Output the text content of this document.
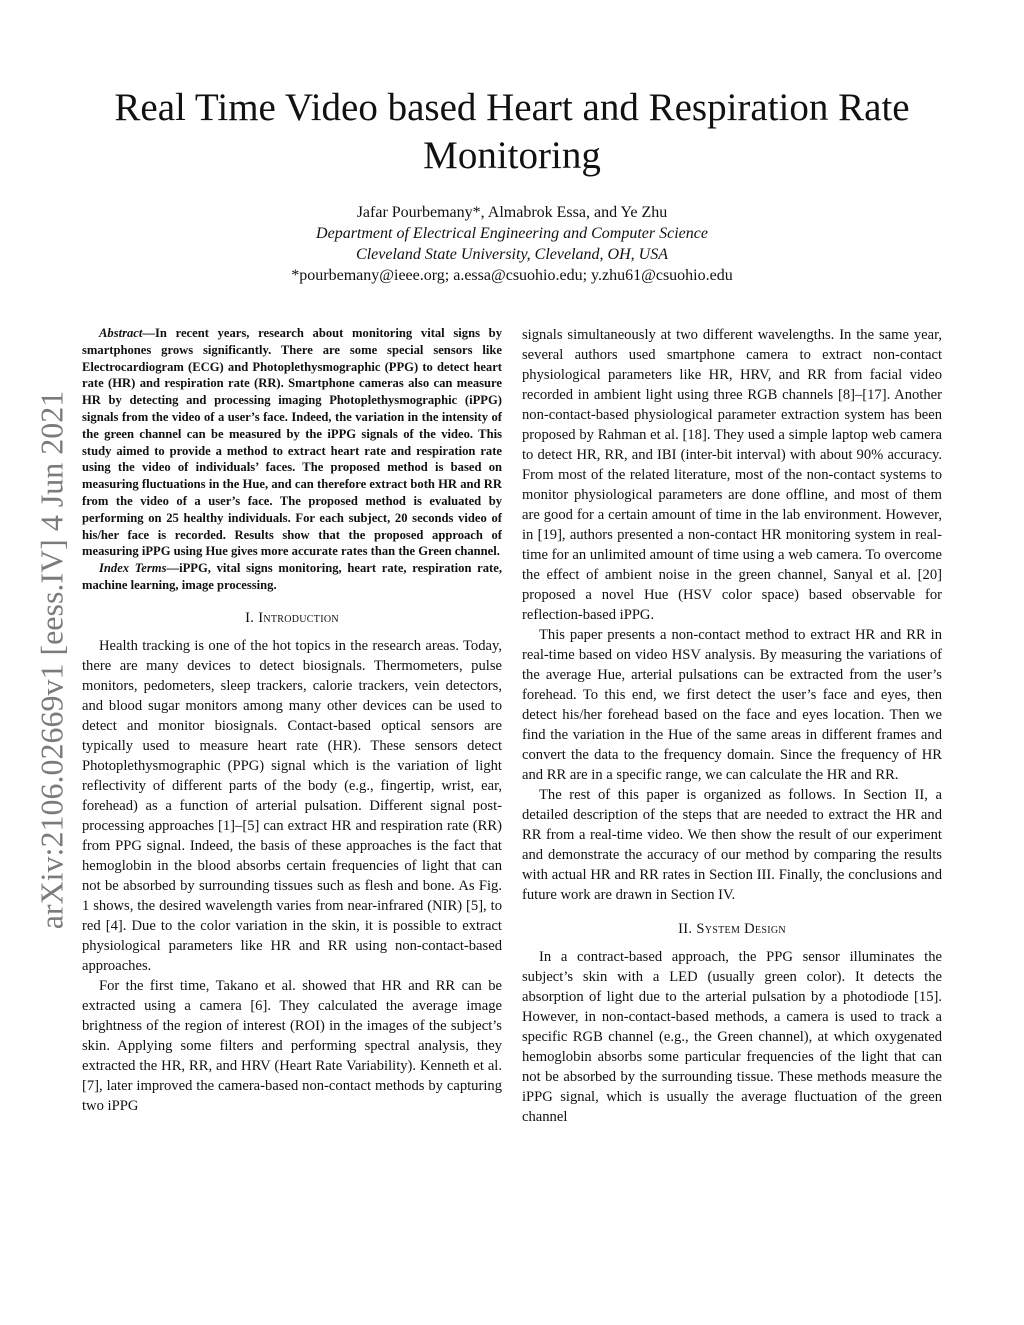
Real Time Video based Heart and Respiration Rate Monitoring
Jafar Pourbemany*, Almabrok Essa, and Ye Zhu
Department of Electrical Engineering and Computer Science
Cleveland State University, Cleveland, OH, USA
*pourbemany@ieee.org; a.essa@csuohio.edu; y.zhu61@csuohio.edu
arXiv:2106.02669v1 [eess.IV] 4 Jun 2021

Abstract—In recent years, research about monitoring vital signs by smartphones grows significantly. There are some special sensors like Electrocardiogram (ECG) and Photoplethysmographic (PPG) to detect heart rate (HR) and respiration rate (RR). Smartphone cameras also can measure HR by detecting and processing imaging Photoplethysmographic (iPPG) signals from the video of a user’s face. Indeed, the variation in the intensity of the green channel can be measured by the iPPG signals of the video. This study aimed to provide a method to extract heart rate and respiration rate using the video of individuals’ faces. The proposed method is based on measuring fluctuations in the Hue, and can therefore extract both HR and RR from the video of a user’s face. The proposed method is evaluated by performing on 25 healthy individuals. For each subject, 20 seconds video of his/her face is recorded. Results show that the proposed approach of measuring iPPG using Hue gives more accurate rates than the Green channel.

Index Terms—iPPG, vital signs monitoring, heart rate, respiration rate, machine learning, image processing.

I. Introduction

Health tracking is one of the hot topics in the research areas. Today, there are many devices to detect biosignals. Thermometers, pulse monitors, pedometers, sleep trackers, calorie trackers, vein detectors, and blood sugar monitors among many other devices can be used to detect and monitor biosignals. Contact-based optical sensors are typically used to measure heart rate (HR). These sensors detect Photoplethysmographic (PPG) signal which is the variation of light reflectivity of different parts of the body (e.g., fingertip, wrist, ear, forehead) as a function of arterial pulsation. Different signal post-processing approaches [1]–[5] can extract HR and respiration rate (RR) from PPG signal. Indeed, the basis of these approaches is the fact that hemoglobin in the blood absorbs certain frequencies of light that can not be absorbed by surrounding tissues such as flesh and bone. As Fig. 1 shows, the desired wavelength varies from near-infrared (NIR) [5], to red [4]. Due to the color variation in the skin, it is possible to extract physiological parameters like HR and RR using non-contact-based approaches.

For the first time, Takano et al. showed that HR and RR can be extracted using a camera [6]. They calculated the average image brightness of the region of interest (ROI) in the images of the subject’s skin. Applying some filters and performing spectral analysis, they extracted the HR, RR, and HRV (Heart Rate Variability). Kenneth et al. [7], later improved the camera-based non-contact methods by capturing two iPPG

signals simultaneously at two different wavelengths. In the same year, several authors used smartphone camera to extract non-contact physiological parameters like HR, HRV, and RR from facial video recorded in ambient light using three RGB channels [8]–[17]. Another non-contact-based physiological parameter extraction system has been proposed by Rahman et al. [18]. They used a simple laptop web camera to detect HR, RR, and IBI (inter-bit interval) with about 90% accuracy. From most of the related literature, most of the non-contact systems to monitor physiological parameters are done offline, and most of them are good for a certain amount of time in the lab environment. However, in [19], authors presented a non-contact HR monitoring system in real-time for an unlimited amount of time using a web camera. To overcome the effect of ambient noise in the green channel, Sanyal et al. [20] proposed a novel Hue (HSV color space) based observable for reflection-based iPPG.

This paper presents a non-contact method to extract HR and RR in real-time based on video HSV analysis. By measuring the variations of the average Hue, arterial pulsations can be extracted from the user’s forehead. To this end, we first detect the user’s face and eyes, then detect his/her forehead based on the face and eyes location. Then we find the variation in the Hue of the same areas in different frames and convert the data to the frequency domain. Since the frequency of HR and RR are in a specific range, we can calculate the HR and RR.

The rest of this paper is organized as follows. In Section II, a detailed description of the steps that are needed to extract the HR and RR from a real-time video. We then show the result of our experiment and demonstrate the accuracy of our method by comparing the results with actual HR and RR rates in Section III. Finally, the conclusions and future work are drawn in Section IV.

II. System Design

In a contract-based approach, the PPG sensor illuminates the subject’s skin with a LED (usually green color). It detects the absorption of light due to the arterial pulsation by a photodiode [15]. However, in non-contact-based methods, a camera is used to track a specific RGB channel (e.g., the Green channel), at which oxygenated hemoglobin absorbs some particular frequencies of the light that can not be absorbed by the surrounding tissue. These methods measure the iPPG signal, which is usually the average fluctuation of the green channel
